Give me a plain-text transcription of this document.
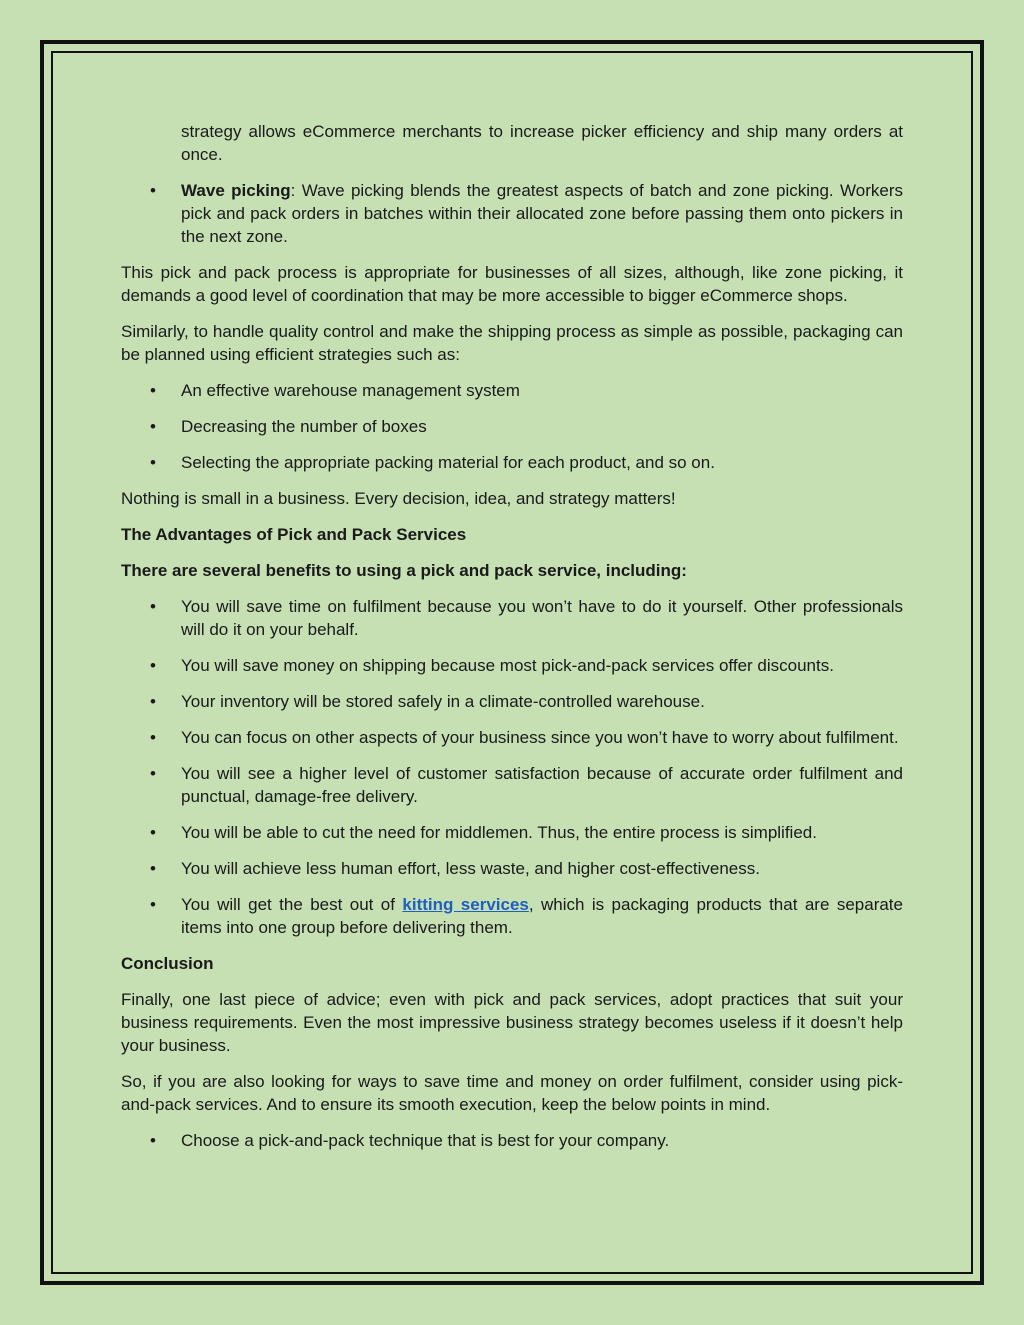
strategy allows eCommerce merchants to increase picker efficiency and ship many orders at once.

• Wave picking: Wave picking blends the greatest aspects of batch and zone picking. Workers pick and pack orders in batches within their allocated zone before passing them onto pickers in the next zone.

This pick and pack process is appropriate for businesses of all sizes, although, like zone picking, it demands a good level of coordination that may be more accessible to bigger eCommerce shops.

Similarly, to handle quality control and make the shipping process as simple as possible, packaging can be planned using efficient strategies such as:

• An effective warehouse management system
• Decreasing the number of boxes
• Selecting the appropriate packing material for each product, and so on.

Nothing is small in a business. Every decision, idea, and strategy matters!

The Advantages of Pick and Pack Services

There are several benefits to using a pick and pack service, including:

• You will save time on fulfilment because you won’t have to do it yourself. Other professionals will do it on your behalf.
• You will save money on shipping because most pick-and-pack services offer discounts.
• Your inventory will be stored safely in a climate-controlled warehouse.
• You can focus on other aspects of your business since you won’t have to worry about fulfilment.
• You will see a higher level of customer satisfaction because of accurate order fulfilment and punctual, damage-free delivery.
• You will be able to cut the need for middlemen. Thus, the entire process is simplified.
• You will achieve less human effort, less waste, and higher cost-effectiveness.
• You will get the best out of kitting services, which is packaging products that are separate items into one group before delivering them.

Conclusion

Finally, one last piece of advice; even with pick and pack services, adopt practices that suit your business requirements. Even the most impressive business strategy becomes useless if it doesn’t help your business.

So, if you are also looking for ways to save time and money on order fulfilment, consider using pick-and-pack services. And to ensure its smooth execution, keep the below points in mind.

• Choose a pick-and-pack technique that is best for your company.
